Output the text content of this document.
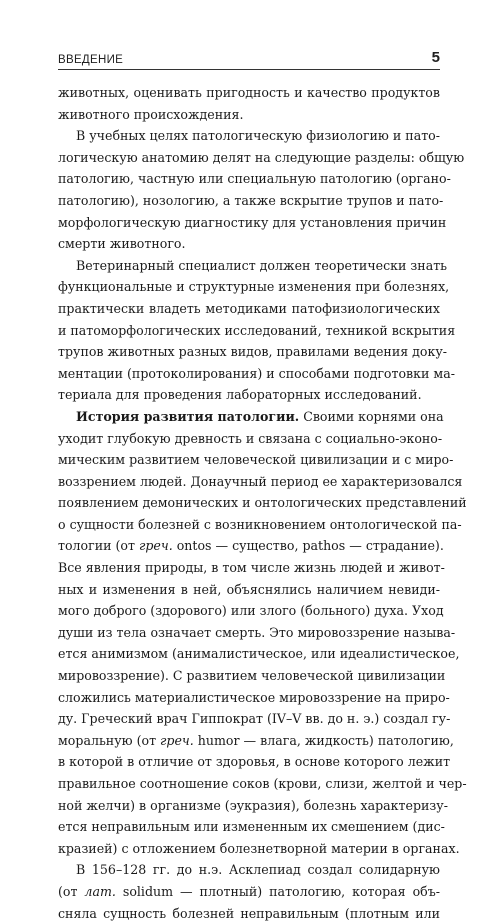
ВВЕДЕНИЕ	5
животных, оценивать пригодность и качество продуктов
животного происхождения.
В учебных целях патологическую физиологию и пато-
логическую анатомию делят на следующие разделы: общую
патологию, частную или специальную патологию (органо-
патологию), нозологию, а также вскрытие трупов и пато-
морфологическую диагностику для установления причин
смерти животного.
Ветеринарный специалист должен теоретически знать
функциональные и структурные изменения при болезнях,
практически владеть методиками патофизиологических
и патоморфологических исследований, техникой вскрытия
трупов животных разных видов, правилами ведения доку-
ментации (протоколирования) и способами подготовки ма-
териала для проведения лабораторных исследований.
История развития патологии. Своими корнями она
уходит глубокую древность и связана с социально-эконо-
мическим развитием человеческой цивилизации и с миро-
воззрением людей. Донаучный период ее характеризовался
появлением демонических и онтологических представлений
о сущности болезней с возникновением онтологической па-
тологии (от греч. ontos — существо, pathos — страдание).
Все явления природы, в том числе жизнь людей и живот-
ных и изменения в ней, объяснялись наличием невиди-
мого доброго (здорового) или злого (больного) духа. Уход
души из тела означает смерть. Это мировоззрение называ-
ется анимизмом (анималистическое, или идеалистическое,
мировоззрение). С развитием человеческой цивилизации
сложились материалистическое мировоззрение на приро-
ду. Греческий врач Гиппократ (IV–V вв. до н. э.) создал гу-
моральную (от греч. humor — влага, жидкость) патологию,
в которой в отличие от здоровья, в основе которого лежит
правильное соотношение соков (крови, слизи, желтой и чер-
ной желчи) в организме (эукразия), болезнь характеризу-
ется неправильным или измененным их смешением (дис-
кразией) с отложением болезнетворной материи в органах.
В 156–128 гг. до н.э. Асклепиад создал солидарную
(от лат. solidum — плотный) патологию, которая объ-
сняла сущность болезней неправильным (плотным или
